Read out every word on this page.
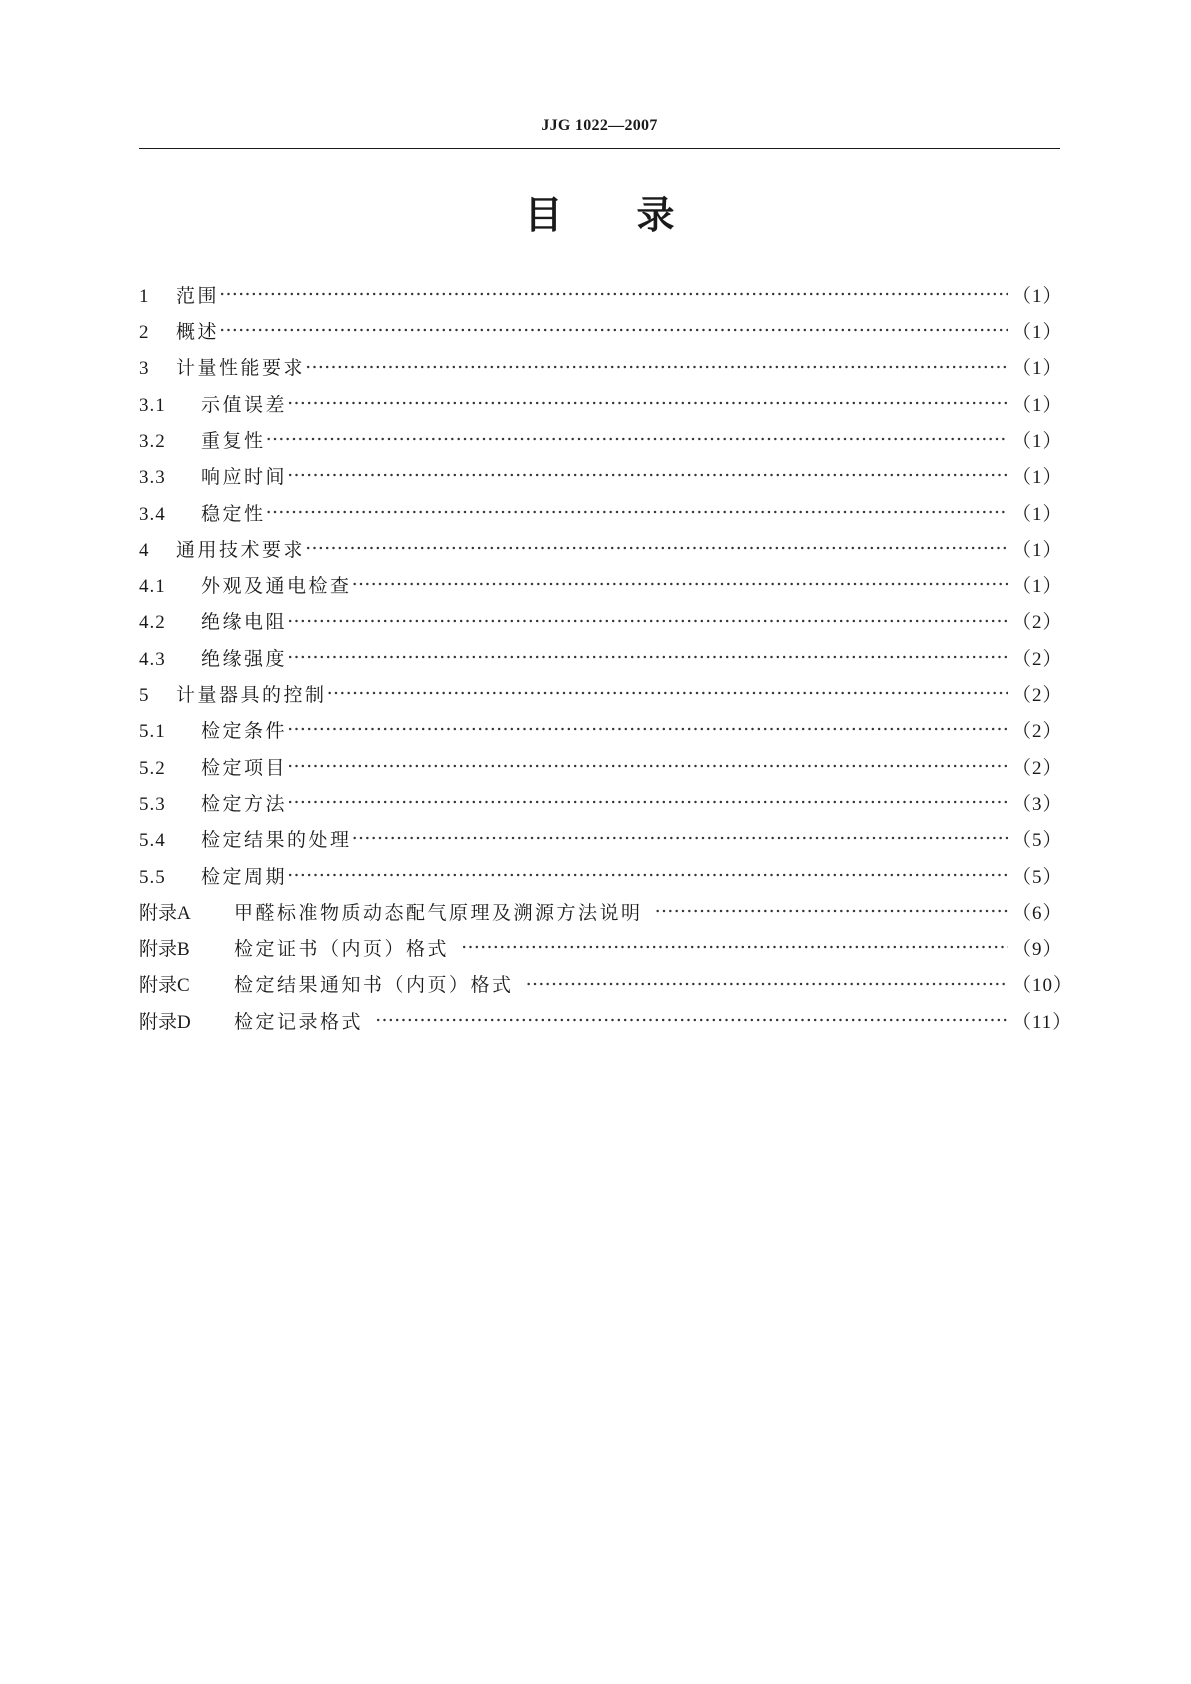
JJG 1022—2007
目 录
1	范围 …………………………………………………………………………………………………………………………………………………………………………………………………	（1）
2	概述 …………………………………………………………………………………………………………………………………………………………………………………………………	（1）
3	计量性能要求 …………………………………………………………………………………………………………………………………………………………………………………………………	（1）
3.1	示值误差 …………………………………………………………………………………………………………………………………………………………………………………………………	（1）
3.2	重复性 …………………………………………………………………………………………………………………………………………………………………………………………………	（1）
3.3	响应时间 …………………………………………………………………………………………………………………………………………………………………………………………………	（1）
3.4	稳定性 …………………………………………………………………………………………………………………………………………………………………………………………………	（1）
4	通用技术要求 …………………………………………………………………………………………………………………………………………………………………………………………………	（1）
4.1	外观及通电检查 …………………………………………………………………………………………………………………………………………………………………………………………………	（1）
4.2	绝缘电阻 …………………………………………………………………………………………………………………………………………………………………………………………………	（2）
4.3	绝缘强度 …………………………………………………………………………………………………………………………………………………………………………………………………	（2）
5	计量器具的控制 …………………………………………………………………………………………………………………………………………………………………………………………………	（2）
5.1	检定条件 …………………………………………………………………………………………………………………………………………………………………………………………………	（2）
5.2	检定项目 …………………………………………………………………………………………………………………………………………………………………………………………………	（2）
5.3	检定方法 …………………………………………………………………………………………………………………………………………………………………………………………………	（3）
5.4	检定结果的处理 …………………………………………………………………………………………………………………………………………………………………………………………………	（5）
5.5	检定周期 …………………………………………………………………………………………………………………………………………………………………………………………………	（5）
附录A	甲醛标准物质动态配气原理及溯源方法说明 …………………………………………………………………………………………………………………………………………………………………………………………………	（6）
附录B	检定证书（内页）格式 …………………………………………………………………………………………………………………………………………………………………………………………………	（9）
附录C	检定结果通知书（内页）格式 …………………………………………………………………………………………………………………………………………………………………………………………………	（10）
附录D	检定记录格式 …………………………………………………………………………………………………………………………………………………………………………………………………	（11）
